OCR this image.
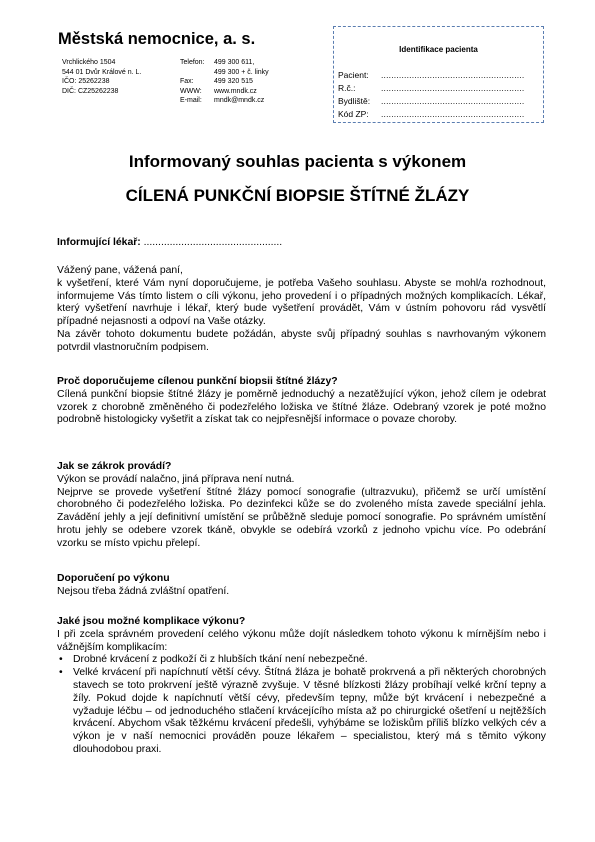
Městská nemocnice, a. s.
Vrchlického 1504
544 01 Dvůr Králové n. L.
IČO: 25262238
DIČ: CZ25262238
Telefon:

Fax:
WWW:
E-mail:
499 300 611,
499 300 + č. linky
499 320 515
www.mndk.cz
mndk@mndk.cz
Identifikace pacienta
Pacient: ........................................................
R.č.:	........................................................
Bydliště: ........................................................
Kód ZP: ........................................................
Informovaný souhlas pacienta s výkonem
CÍLENÁ PUNKČNÍ BIOPSIE ŠTÍTNÉ ŽLÁZY
Informující lékař: ................................................
Vážený pane, vážená paní,
k vyšetření, které Vám nyní doporučujeme, je potřeba Vašeho souhlasu. Abyste se mohl/a rozhodnout, informujeme Vás tímto listem o cíli výkonu, jeho provedení i o případných možných komplikacích. Lékař, který vyšetření navrhuje i lékař, který bude vyšetření provádět, Vám v ústním pohovoru rád vysvětlí případné nejasnosti a odpoví na Vaše otázky.
Na závěr tohoto dokumentu budete požádán, abyste svůj případný souhlas s navrhovaným výkonem potvrdil vlastnoručním podpisem.
Proč doporučujeme cílenou punkční biopsii štítné žlázy?
Cílená punkční biopsie štítné žlázy je poměrně jednoduchý a nezatěžující výkon, jehož cílem je odebrat vzorek z chorobně změněného či podezřelého ložiska ve štítné žláze. Odebraný vzorek je poté možno podrobně histologicky vyšetřit a získat tak co nejpřesnější informace o povaze choroby.
Jak se zákrok provádí?
Výkon se provádí nalačno, jiná příprava není nutná.
Nejprve se provede vyšetření štítné žlázy pomocí sonografie (ultrazvuku), přičemž se určí umístění chorobného či podezřelého ložiska. Po dezinfekci kůže se do zvoleného místa zavede speciální jehla. Zavádění jehly a její definitivní umístění se průběžně sleduje pomocí sonografie. Po správném umístění hrotu jehly se odebere vzorek tkáně, obvykle se odebírá vzorků z jednoho vpichu více. Po odebrání vzorku se místo vpichu přelepí.
Doporučení po výkonu
Nejsou třeba žádná zvláštní opatření.
Jaké jsou možné komplikace výkonu?
I při zcela správném provedení celého výkonu může dojít následkem tohoto výkonu k mírnějším nebo i vážnějším komplikacím:
• Drobné krvácení z podkoží či z hlubších tkání není nebezpečné.
• Velké krvácení při napíchnutí větší cévy. Štítná žláza je bohatě prokrvená a při některých chorobných stavech se toto prokrvení ještě výrazně zvyšuje. V těsné blízkosti žlázy probíhají velké krční tepny a žíly. Pokud dojde k napíchnutí větší cévy, především tepny, může být krvácení i nebezpečné a vyžaduje léčbu – od jednoduchého stlačení krvácejícího místa až po chirurgické ošetření u nejtěžších krvácení. Abychom však těžkému krvácení předešli, vyhýbáme se ložiskům příliš blízko velkých cév a výkon je v naší nemocnici prováděn pouze lékařem – specialistou, který má s těmito výkony dlouhodobou praxi.
